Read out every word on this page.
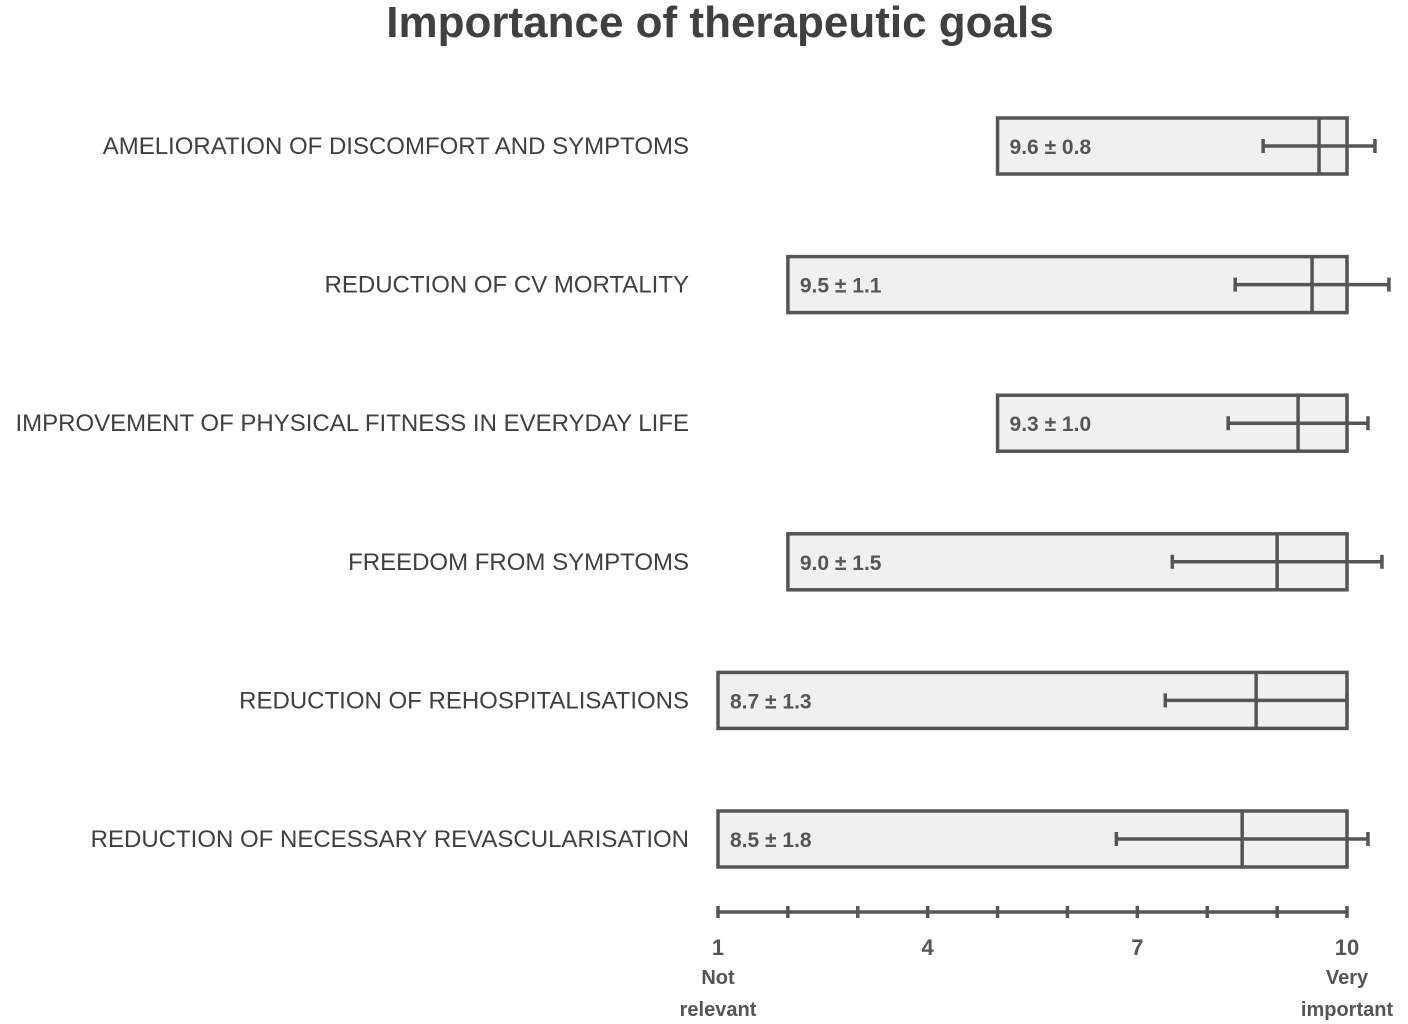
Importance of therapeutic goals
AMELIORATION OF DISCOMFORT AND SYMPTOMS	9.6 ± 0.8
REDUCTION OF CV MORTALITY	9.5 ± 1.1
IMPROVEMENT OF PHYSICAL FITNESS IN EVERYDAY LIFE	9.3 ± 1.0
FREEDOM FROM SYMPTOMS	9.0 ± 1.5
REDUCTION OF REHOSPITALISATIONS 8.7 ± 1.3
REDUCTION OF NECESSARY REVASCULARISATION 8.5 ± 1.8
1	4	7	10
Not
relevant
Very
important
